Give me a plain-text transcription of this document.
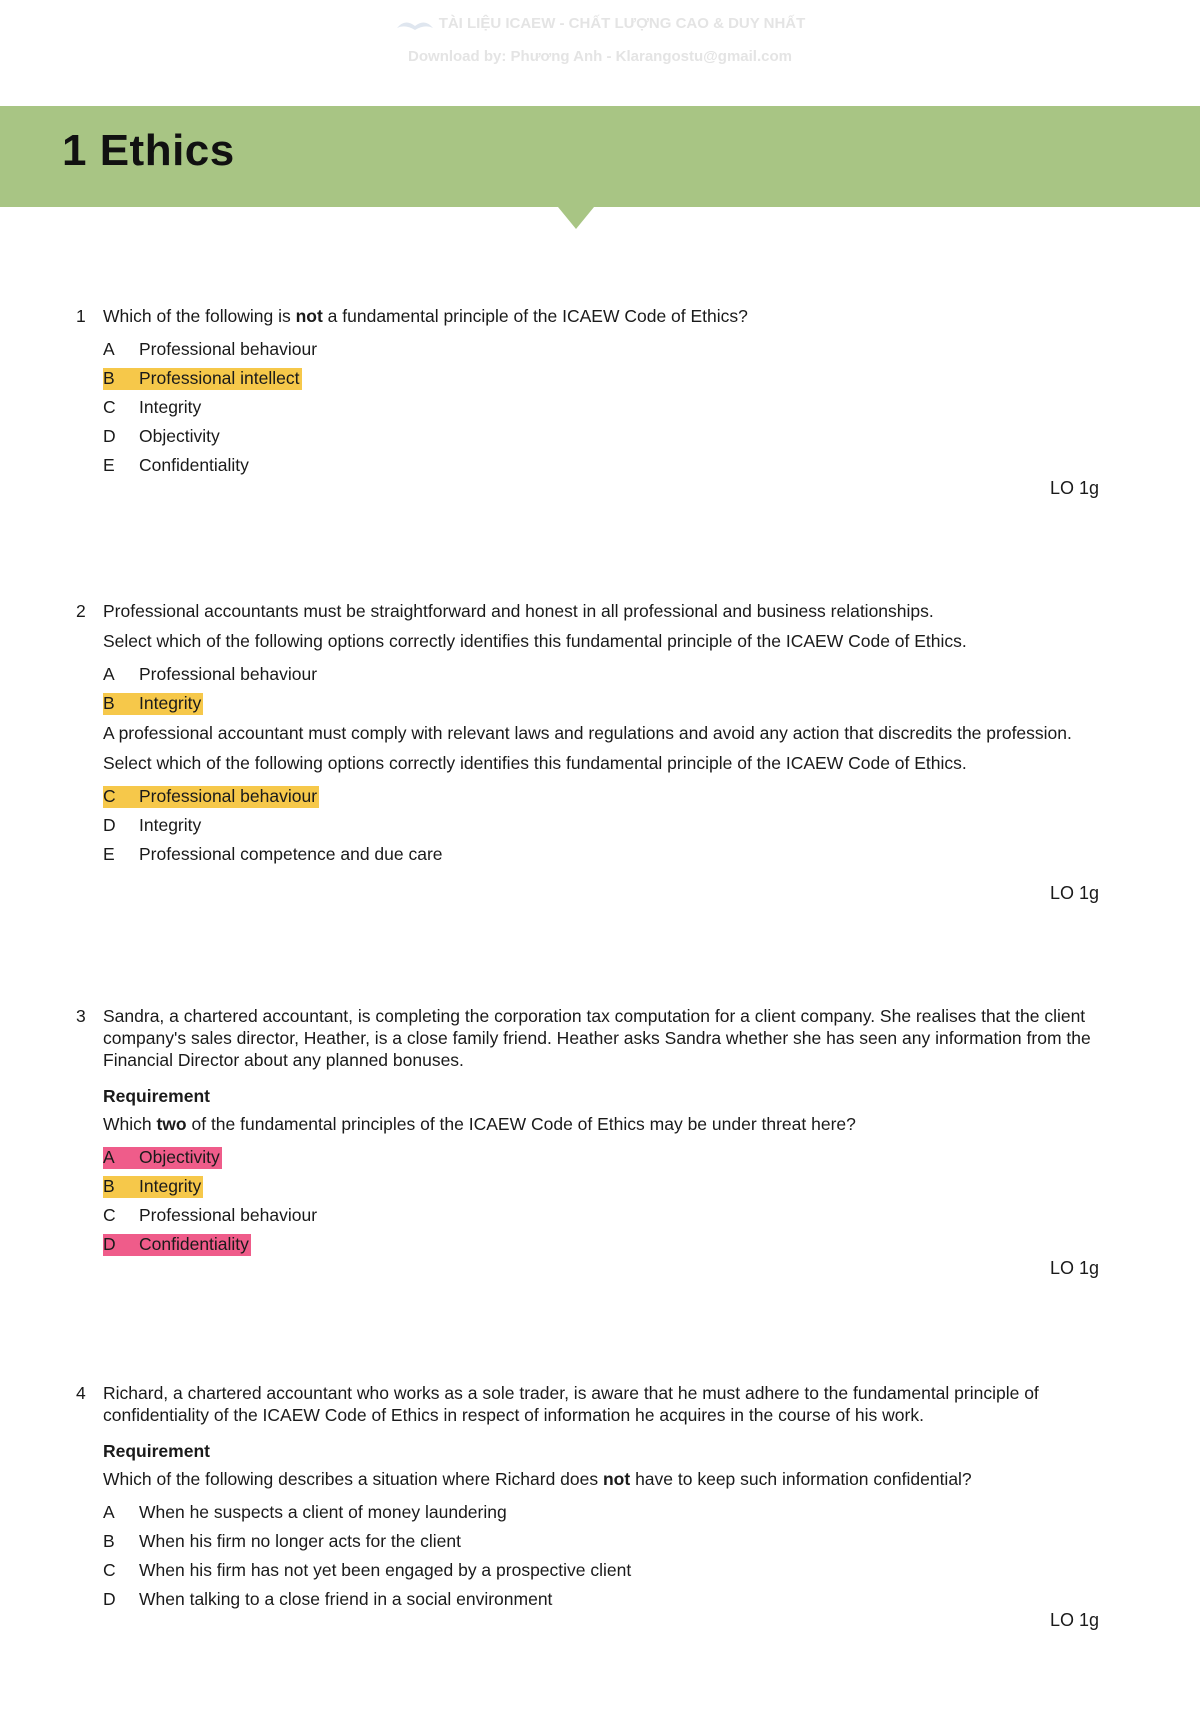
TÀI LIỆU ICAEW - CHẤT LƯỢNG CAO & DUY NHẤT
Download by: Phương Anh - Klarangostu@gmail.com
1 Ethics
1 Which of the following is not a fundamental principle of the ICAEW Code of Ethics?
A	Professional behaviour
B	Professional intellect
C	Integrity
D	Objectivity
E	Confidentiality
LO 1g
2 Professional accountants must be straightforward and honest in all professional and business relationships.
Select which of the following options correctly identifies this fundamental principle of the ICAEW Code of Ethics.
A	Professional behaviour
B	Integrity
A professional accountant must comply with relevant laws and regulations and avoid any action that discredits the profession.
Select which of the following options correctly identifies this fundamental principle of the ICAEW Code of Ethics.
C	Professional behaviour
D	Integrity
E	Professional competence and due care
LO 1g
3 Sandra, a chartered accountant, is completing the corporation tax computation for a client company. She realises that the client company's sales director, Heather, is a close family friend. Heather asks Sandra whether she has seen any information from the Financial Director about any planned bonuses.
Requirement
Which two of the fundamental principles of the ICAEW Code of Ethics may be under threat here?
A	Objectivity
B	Integrity
C	Professional behaviour
D	Confidentiality
LO 1g
4 Richard, a chartered accountant who works as a sole trader, is aware that he must adhere to the fundamental principle of confidentiality of the ICAEW Code of Ethics in respect of information he acquires in the course of his work.
Requirement
Which of the following describes a situation where Richard does not have to keep such information confidential?
A	When he suspects a client of money laundering
B	When his firm no longer acts for the client
C	When his firm has not yet been engaged by a prospective client
D	When talking to a close friend in a social environment
LO 1g
